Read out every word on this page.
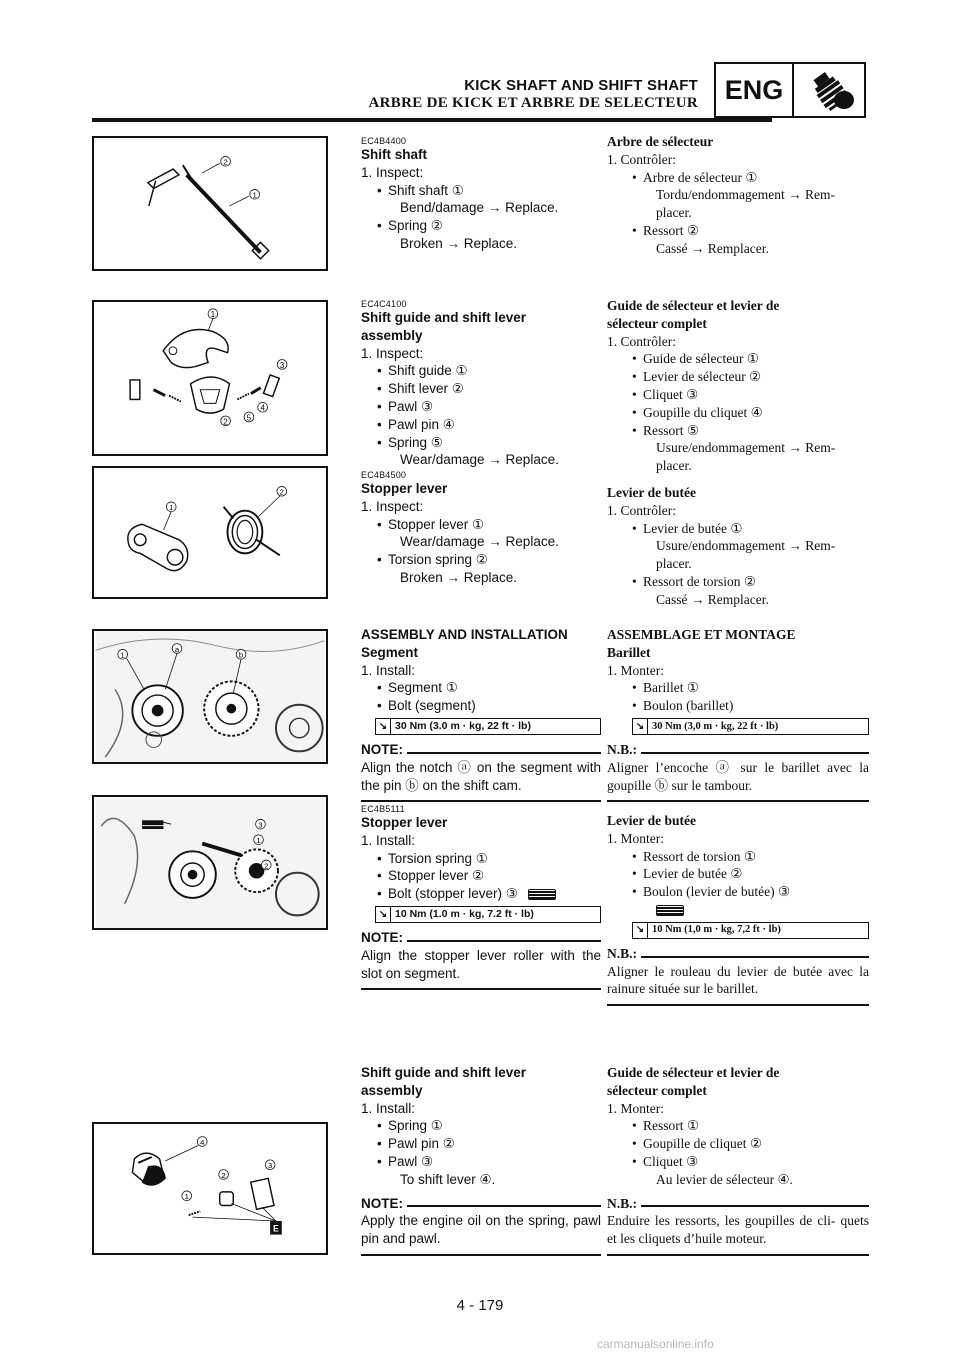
KICK SHAFT AND SHIFT SHAFT
ARBRE DE KICK ET ARBRE DE SELECTEUR ENG
2
1
1
3
4
5
2
1
2
1
a
b
3
1
2
E
4
2
3
1
EC4B4400
Shift shaft
1. Inspect:
• Shift shaft ①
Bend/damage → Replace.
• Spring ②
Broken → Replace.
Arbre de sélecteur
1. Contrôler:
• Arbre de sélecteur ①
Tordu/endommagement → Rem-
placer.
• Ressort ②
Cassé → Remplacer.
EC4C4100
Shift guide and shift lever
assembly
1. Inspect:
• Shift guide ①
• Shift lever ②
• Pawl ③
• Pawl pin ④
• Spring ⑤
Wear/damage → Replace.
Guide de sélecteur et levier de
sélecteur complet
1. Contrôler:
• Guide de sélecteur ①
• Levier de sélecteur ②
• Cliquet ③
• Goupille du cliquet ④
• Ressort ⑤
Usure/endommagement → Rem-
placer.
EC4B4500
Stopper lever
1. Inspect:
• Stopper lever ①
Wear/damage → Replace.
• Torsion spring ②
Broken → Replace.
Levier de butée
1. Contrôler:
• Levier de butée ①
Usure/endommagement → Rem-
placer.
• Ressort de torsion ②
Cassé → Remplacer.
ASSEMBLY AND INSTALLATION
Segment
1. Install:
• Segment ①
• Bolt (segment)
↘ 30 Nm (3.0 m · kg, 22 ft · lb)
NOTE:
Align the notch ⓐ on the segment with the pin ⓑ on the shift cam.
ASSEMBLAGE ET MONTAGE
Barillet
1. Monter:
• Barillet ①
• Boulon (barillet)
↘ 30 Nm (3,0 m · kg, 22 ft · lb)
N.B.:
Aligner l’encoche ⓐ sur le barillet avec la goupille ⓑ sur le tambour.
EC4B5111
Stopper lever
1. Install:
• Torsion spring ①
• Stopper lever ②
• Bolt (stopper lever) ③
↘ 10 Nm (1.0 m · kg, 7.2 ft · lb)
NOTE:
Align the stopper lever roller with the slot on segment.
Levier de butée
1. Monter:
• Ressort de torsion ①
• Levier de butée ②
• Boulon (levier de butée) ③
↘ 10 Nm (1,0 m · kg, 7,2 ft · lb)
N.B.:
Aligner le rouleau du levier de butée avec la rainure située sur le barillet.
Shift guide and shift lever
assembly
1. Install:
• Spring ①
• Pawl pin ②
• Pawl ③
To shift lever ④.
NOTE:
Apply the engine oil on the spring, pawl pin and pawl.
Guide de sélecteur et levier de
sélecteur complet
1. Monter:
• Ressort ①
• Goupille de cliquet ②
• Cliquet ③
Au levier de sélecteur ④.
N.B.:
Enduire les ressorts, les goupilles de cli- quets et les cliquets d’huile moteur.
4 - 179
carmanualsonline.info
